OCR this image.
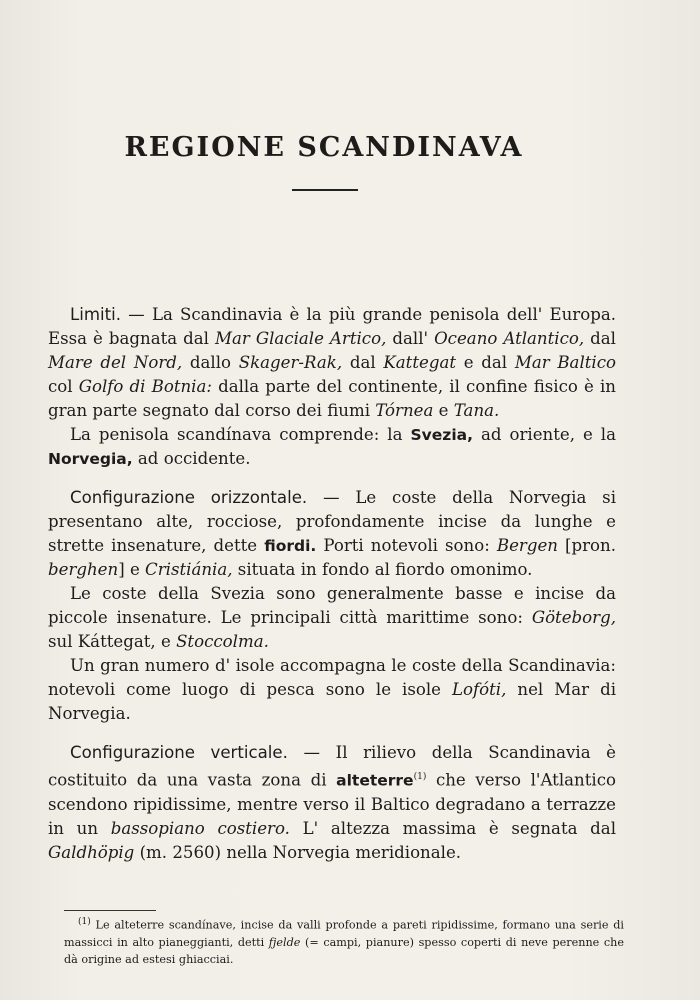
REGIONE SCANDINAVA

Limiti. — La Scandinavia è la più grande penisola dell' Europa. Essa è bagnata dal Mar Glaciale Artico, dall' Oceano Atlantico, dal Mare del Nord, dallo Skager-Rak, dal Kattegat e dal Mar Baltico col Golfo di Botnia: dalla parte del continente, il confine fisico è in gran parte segnato dal corso dei fiumi Tórnea e Tana.

La penisola scandínava comprende: la Svezia, ad oriente, e la Norvegia, ad occidente.

Configurazione orizzontale. — Le coste della Norvegia si presentano alte, rocciose, profondamente incise da lunghe e strette insenature, dette fiordi. Porti notevoli sono: Bergen [pron. berghen] e Cristiánia, situata in fondo al fiordo omonimo.

Le coste della Svezia sono generalmente basse e incise da piccole insenature. Le principali città marittime sono: Göteborg, sul Káttegat, e Stoccolma.

Un gran numero d' isole accompagna le coste della Scandinavia: notevoli come luogo di pesca sono le isole Lofóti, nel Mar di Norvegia.

Configurazione verticale. — Il rilievo della Scandinavia è costituito da una vasta zona di alteterre$^{(1)}$ che verso l'Atlantico scendono ripidissime, mentre verso il Baltico degradano a terrazze in un bassopiano costiero. L' altezza massima è segnata dal Galdhöpig (m. 2560) nella Norvegia meridionale.

$^{(1)}$ Le alteterre scandínave, incise da valli profonde a pareti ripidissime, formano una serie di massicci in alto pianeggianti, detti fjelde (= campi, pianure) spesso coperti di neve perenne che dà origine ad estesi ghiacciai.
